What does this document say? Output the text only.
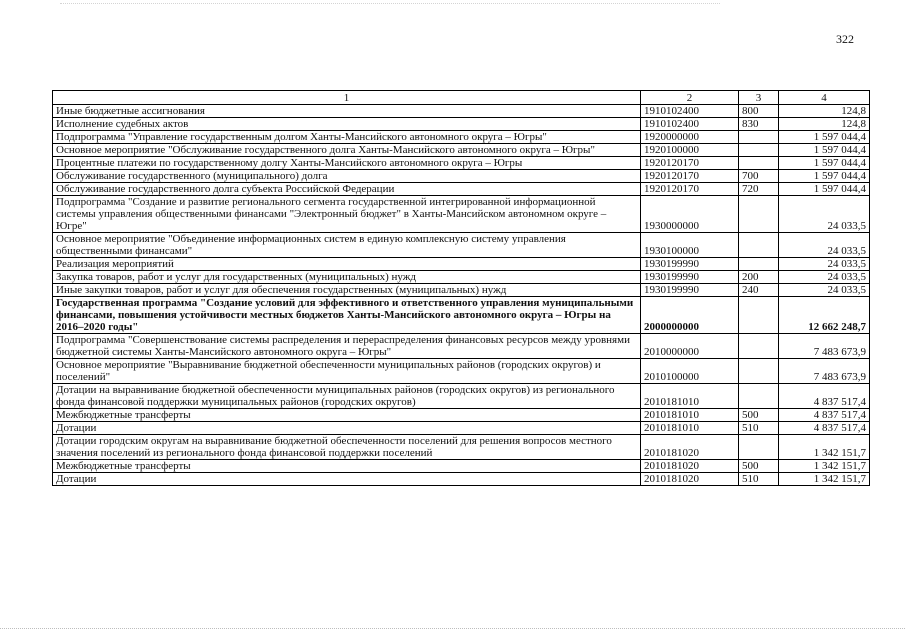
322
1	2	3	4
Иные бюджетные ассигнования	1910102400	800	124,8
Исполнение судебных актов	1910102400	830	124,8
Подпрограмма "Управление государственным долгом Ханты-Мансийского автономного округа – Югры"	1920000000		1 597 044,4
Основное мероприятие "Обслуживание государственного долга Ханты-Мансийского автономного округа – Югры"	1920100000		1 597 044,4
Процентные платежи по государственному долгу Ханты-Мансийского автономного округа – Югры	1920120170		1 597 044,4
Обслуживание государственного (муниципального) долга	1920120170	700	1 597 044,4
Обслуживание государственного долга субъекта Российской Федерации	1920120170	720	1 597 044,4
Подпрограмма "Создание и развитие регионального сегмента государственной интегрированной информационной системы управления общественными финансами "Электронный бюджет" в Ханты-Мансийском автономном округе – Югре"	1930000000		24 033,5
Основное мероприятие "Объединение информационных систем в единую комплексную систему управления общественными финансами"	1930100000		24 033,5
Реализация мероприятий	1930199990		24 033,5
Закупка товаров, работ и услуг для государственных (муниципальных) нужд	1930199990	200	24 033,5
Иные закупки товаров, работ и услуг для обеспечения государственных (муниципальных) нужд	1930199990	240	24 033,5
Государственная программа "Создание условий для эффективного и ответственного управления муниципальными финансами, повышения устойчивости местных бюджетов Ханты-Мансийского автономного округа – Югры на 2016–2020 годы"	2000000000		12 662 248,7
Подпрограмма "Совершенствование системы распределения и перераспределения финансовых ресурсов между уровнями бюджетной системы Ханты-Мансийского автономного округа – Югры"	2010000000		7 483 673,9
Основное мероприятие "Выравнивание бюджетной обеспеченности муниципальных районов (городских округов) и поселений"	2010100000		7 483 673,9
Дотации на выравнивание бюджетной обеспеченности муниципальных районов (городских округов) из регионального фонда финансовой поддержки муниципальных районов (городских округов)	2010181010		4 837 517,4
Межбюджетные трансферты	2010181010	500	4 837 517,4
Дотации	2010181010	510	4 837 517,4
Дотации городским округам на выравнивание бюджетной обеспеченности поселений для решения вопросов местного значения поселений из регионального фонда финансовой поддержки поселений	2010181020		1 342 151,7
Межбюджетные трансферты	2010181020	500	1 342 151,7
Дотации	2010181020	510	1 342 151,7
